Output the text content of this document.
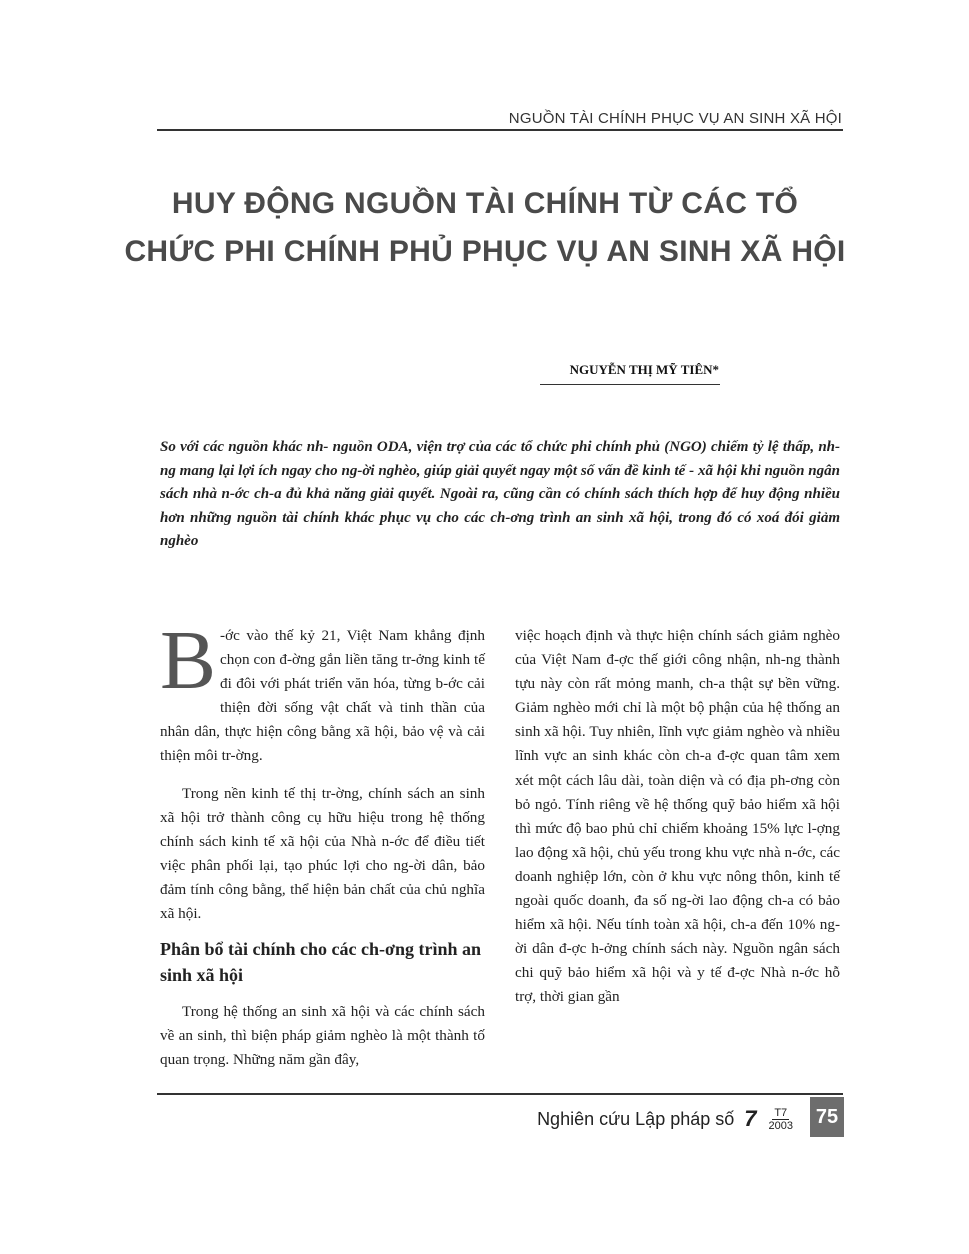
NGUỒN TÀI CHÍNH PHỤC VỤ AN SINH XÃ HỘI
HUY ĐỘNG NGUỒN TÀI CHÍNH TỪ CÁC TỔ
CHỨC PHI CHÍNH PHỦ PHỤC VỤ AN SINH XÃ HỘI
NGUYỄN THỊ MỸ TIÊN*

So với các nguồn khác nh- nguồn ODA, viện trợ của các tổ chức phi chính phủ (NGO) chiếm tỷ lệ thấp, nh-ng mang lại lợi ích ngay cho ng-ời nghèo, giúp giải quyết ngay một số vấn đề kinh tế - xã hội khi nguồn ngân sách nhà n-ớc ch-a đủ khả năng giải quyết. Ngoài ra, cũng cần có chính sách thích hợp để huy động nhiều hơn những nguồn tài chính khác phục vụ cho các ch-ơng trình an sinh xã hội, trong đó có xoá đói giảm nghèo

B -ớc vào thế kỷ 21, Việt Nam khẳng định chọn con đ-ờng gắn liền tăng tr-ởng kinh tế đi đôi với phát triển văn hóa, từng b-ớc cải thiện đời sống vật chất và tinh thần của nhân dân, thực hiện công bằng xã hội, bảo vệ và cải thiện môi tr-ờng.

Trong nền kinh tế thị tr-ờng, chính sách an sinh xã hội trở thành công cụ hữu hiệu trong hệ thống chính sách kinh tế xã hội của Nhà n-ớc để điều tiết việc phân phối lại, tạo phúc lợi cho ng-ời dân, bảo đảm tính công bằng, thể hiện bản chất của chủ nghĩa xã hội.

Phân bổ tài chính cho các ch-ơng trình an sinh xã hội

Trong hệ thống an sinh xã hội và các chính sách về an sinh, thì biện pháp giảm nghèo là một thành tố quan trọng. Những năm gần đây,

việc hoạch định và thực hiện chính sách giảm nghèo của Việt Nam đ-ợc thế giới công nhận, nh-ng thành tựu này còn rất mỏng manh, ch-a thật sự bền vững. Giảm nghèo mới chỉ là một bộ phận của hệ thống an sinh xã hội. Tuy nhiên, lĩnh vực giảm nghèo và nhiều lĩnh vực an sinh khác còn ch-a đ-ợc quan tâm xem xét một cách lâu dài, toàn diện và có địa ph-ơng còn bỏ ngỏ. Tính riêng về hệ thống quỹ bảo hiểm xã hội thì mức độ bao phủ chỉ chiếm khoảng 15% lực l-ợng lao động xã hội, chủ yếu trong khu vực nhà n-ớc, các doanh nghiệp lớn, còn ở khu vực nông thôn, kinh tế ngoài quốc doanh, đa số ng-ời lao động ch-a có bảo hiểm xã hội. Nếu tính toàn xã hội, ch-a đến 10% ng-ời dân đ-ợc h-ởng chính sách này. Nguồn ngân sách chi quỹ bảo hiểm xã hội và y tế đ-ợc Nhà n-ớc hỗ trợ, thời gian gần

Nghiên cứu Lập pháp số 7 T7
2003 75
